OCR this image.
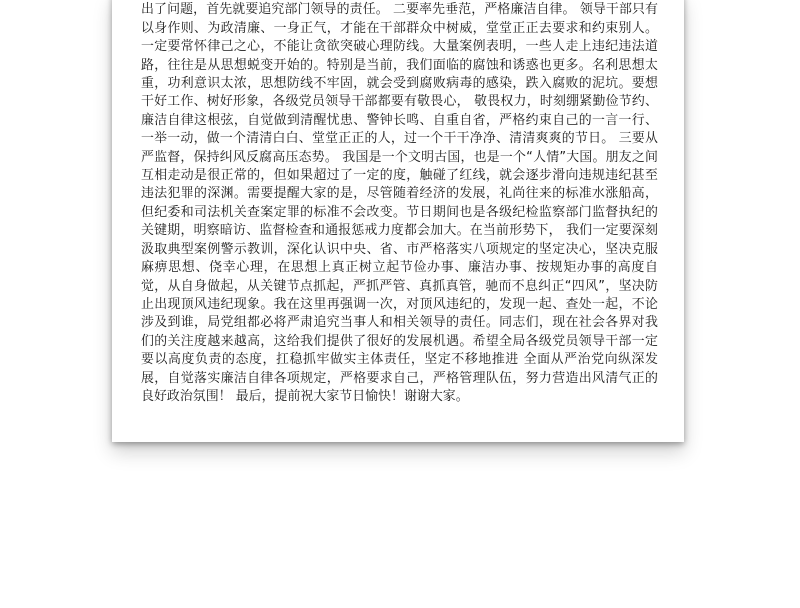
出了问题，首先就要追究部门领导的责任。 二要率先垂范，严格廉洁自律。 领导干部只有以身作则、为政清廉、一身正气，才能在干部群众中树威，堂堂正正去要求和约束别人。一定要常怀律己之心，不能让贪欲突破心理防线。大量案例表明，一些人走上违纪违法道路，往往是从思想蜕变开始的。特别是当前，我们面临的腐蚀和诱惑也更多。名利思想太重，功利意识太浓，思想防线不牢固，就会受到腐败病毒的感染，跌入腐败的泥坑。要想干好工作、树好形象，各级党员领导干部都要有敬畏心， 敬畏权力，时刻绷紧勤俭节约、廉洁自律这根弦，自觉做到清醒忧患、警钟长鸣、自重自省，严格约束自己的一言一行、一举一动，做一个清清白白、堂堂正正的人，过一个干干净净、清清爽爽的节日。 三要从严监督，保持纠风反腐高压态势。 我国是一个文明古国，也是一个“人情”大国。朋友之间互相走动是很正常的，但如果超过了一定的度，触碰了红线，就会逐步滑向违规违纪甚至违法犯罪的深渊。需要提醒大家的是，尽管随着经济的发展，礼尚往来的标准水涨船高，但纪委和司法机关查案定罪的标准不会改变。节日期间也是各级纪检监察部门监督执纪的关键期，明察暗访、监督检查和通报惩戒力度都会加大。在当前形势下， 我们一定要深刻汲取典型案例警示教训，深化认识中央、省、市严格落实八项规定的坚定决心，坚决克服麻痹思想、侥幸心理，在思想上真正树立起节俭办事、廉洁办事、按规矩办事的高度自觉，从自身做起，从关键节点抓起，严抓严管、真抓真管，驰而不息纠正“四风”，坚决防止出现顶风违纪现象。我在这里再强调一次，对顶风违纪的，发现一起、查处一起，不论涉及到谁，局党组都必将严肃追究当事人和相关领导的责任。同志们，现在社会各界对我们的关注度越来越高，这给我们提供了很好的发展机遇。希望全局各级党员领导干部一定要以高度负责的态度，扛稳抓牢做实主体责任，坚定不移地推进 全面从严治党向纵深发展，自觉落实廉洁自律各项规定，严格要求自己，严格管理队伍，努力营造出风清气正的良好政治氛围！ 最后，提前祝大家节日愉快！谢谢大家。
